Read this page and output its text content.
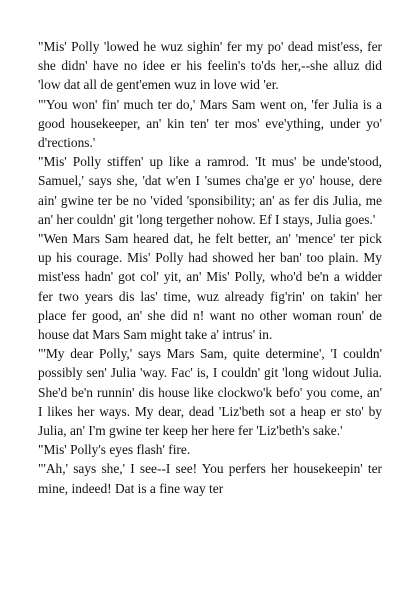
"Mis' Polly 'lowed he wuz sighin' fer my po' dead mist'ess, fer she didn' have no idee er his feelin's to'ds her,--she alluz did 'low dat all de gent'emen wuz in love wid 'er.

"'You won' fin' much ter do,' Mars Sam went on, 'fer Julia is a good housekeeper, an' kin ten' ter mos' eve'ything, under yo' d'rections.'

"Mis' Polly stiffen' up like a ramrod. 'It mus' be unde'stood, Samuel,' says she, 'dat w'en I 'sumes cha'ge er yo' house, dere ain' gwine ter be no 'vided 'sponsibility; an' as fer dis Julia, me an' her couldn' git 'long tergether nohow. Ef I stays, Julia goes.'

"Wen Mars Sam heared dat, he felt better, an' 'mence' ter pick up his courage. Mis' Polly had showed her ban' too plain. My mist'ess hadn' got col' yit, an' Mis' Polly, who'd be'n a widder fer two years dis las' time, wuz already fig'rin' on takin' her place fer good, an' she did n! want no other woman roun' de house dat Mars Sam might take a' intrus' in.

"'My dear Polly,' says Mars Sam, quite determine', 'I couldn' possibly sen' Julia 'way. Fac' is, I couldn' git 'long widout Julia. She'd be'n runnin' dis house like clockwo'k befo' you come, an' I likes her ways. My dear, dead 'Liz'beth sot a heap er sto' by Julia, an' I'm gwine ter keep her here fer 'Liz'beth's sake.'

"Mis' Polly's eyes flash' fire.

"'Ah,' says she,' I see--I see! You perfers her housekeepin' ter mine, indeed! Dat is a fine way ter
